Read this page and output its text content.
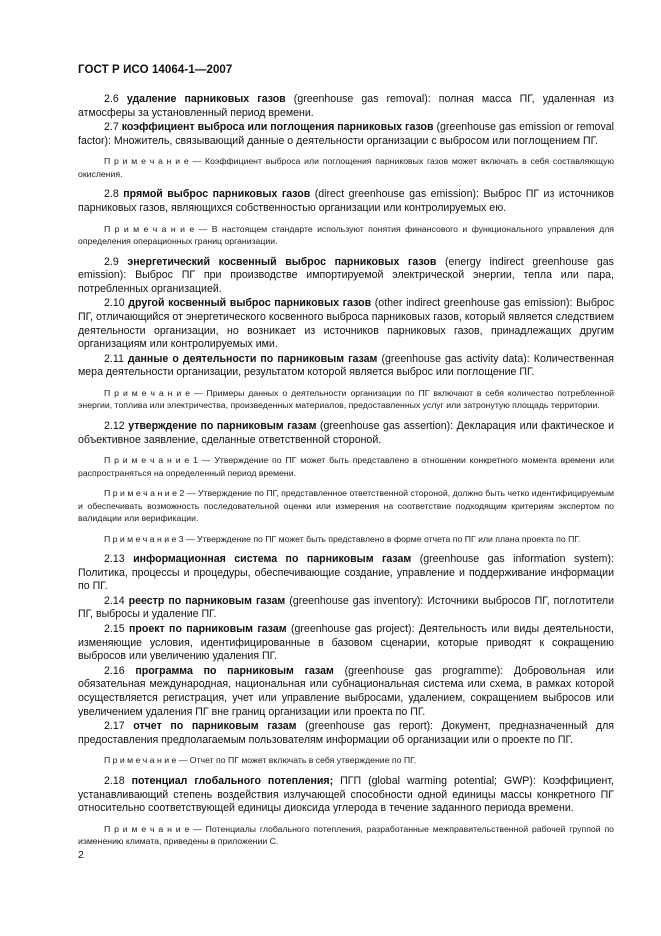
ГОСТ Р ИСО 14064-1—2007

2.6 удаление парниковых газов (greenhouse gas removal): полная масса ПГ, удаленная из атмосферы за установленный период времени.

2.7 коэффициент выброса или поглощения парниковых газов (greenhouse gas emission or removal factor): Множитель, связывающий данные о деятельности организации с выбросом или поглощением ПГ.

П р и м е ч а н и е — Коэффициент выброса или поглощения парниковых газов может включать в себя составляющую окисления.

2.8 прямой выброс парниковых газов (direct greenhouse gas emission): Выброс ПГ из источников парниковых газов, являющихся собственностью организации или контролируемых ею.

П р и м е ч а н и е — В настоящем стандарте используют понятия финансового и функционального управления для определения операционных границ организации.

2.9 энергетический косвенный выброс парниковых газов (energy indirect greenhouse gas emission): Выброс ПГ при производстве импортируемой электрической энергии, тепла или пара, потребленных организацией.

2.10 другой косвенный выброс парниковых газов (other indirect greenhouse gas emission): Выброс ПГ, отличающийся от энергетического косвенного выброса парниковых газов, который является следствием деятельности организации, но возникает из источников парниковых газов, принадлежащих другим организациям или контролируемых ими.

2.11 данные о деятельности по парниковым газам (greenhouse gas activity data): Количественная мера деятельности организации, результатом которой является выброс или поглощение ПГ.

П р и м е ч а н и е — Примеры данных о деятельности организации по ПГ включают в себя количество потребленной энергии, топлива или электричества, произведенных материалов, предоставленных услуг или затронутую площадь территории.

2.12 утверждение по парниковым газам (greenhouse gas assertion): Декларация или фактическое и объективное заявление, сделанные ответственной стороной.

П р и м е ч а н и е 1 — Утверждение по ПГ может быть представлено в отношении конкретного момента времени или распространяться на определенный период времени.

П р и м е ч а н и е 2 — Утверждение по ПГ, представленное ответственной стороной, должно быть четко идентифицируемым и обеспечивать возможность последовательной оценки или измерения на соответствие подходящим критериям экспертом по валидации или верификации.

П р и м е ч а н и е 3 — Утверждение по ПГ может быть представлено в форме отчета по ПГ или плана проекта по ПГ.

2.13 информационная система по парниковым газам (greenhouse gas information system): Политика, процессы и процедуры, обеспечивающие создание, управление и поддерживание информации по ПГ.

2.14 реестр по парниковым газам (greenhouse gas inventory): Источники выбросов ПГ, поглотители ПГ, выбросы и удаление ПГ.

2.15 проект по парниковым газам (greenhouse gas project): Деятельность или виды деятельности, изменяющие условия, идентифицированные в базовом сценарии, которые приводят к сокращению выбросов или увеличению удаления ПГ.

2.16 программа по парниковым газам (greenhouse gas programme): Добровольная или обязательная международная, национальная или субнациональная система или схема, в рамках которой осуществляется регистрация, учет или управление выбросами, удалением, сокращением выбросов или увеличением удаления ПГ вне границ организации или проекта по ПГ.

2.17 отчет по парниковым газам (greenhouse gas report): Документ, предназначенный для предоставления предполагаемым пользователям информации об организации или о проекте по ПГ.

П р и м е ч а н и е — Отчет по ПГ может включать в себя утверждение по ПГ.

2.18 потенциал глобального потепления; ПГП (global warming potential; GWP): Коэффициент, устанавливающий степень воздействия излучающей способности одной единицы массы конкретного ПГ относительно соответствующей единицы диоксида углерода в течение заданного периода времени.

П р и м е ч а н и е — Потенциалы глобального потепления, разработанные межправительственной рабочей группой по изменению климата, приведены в приложении С.

2
